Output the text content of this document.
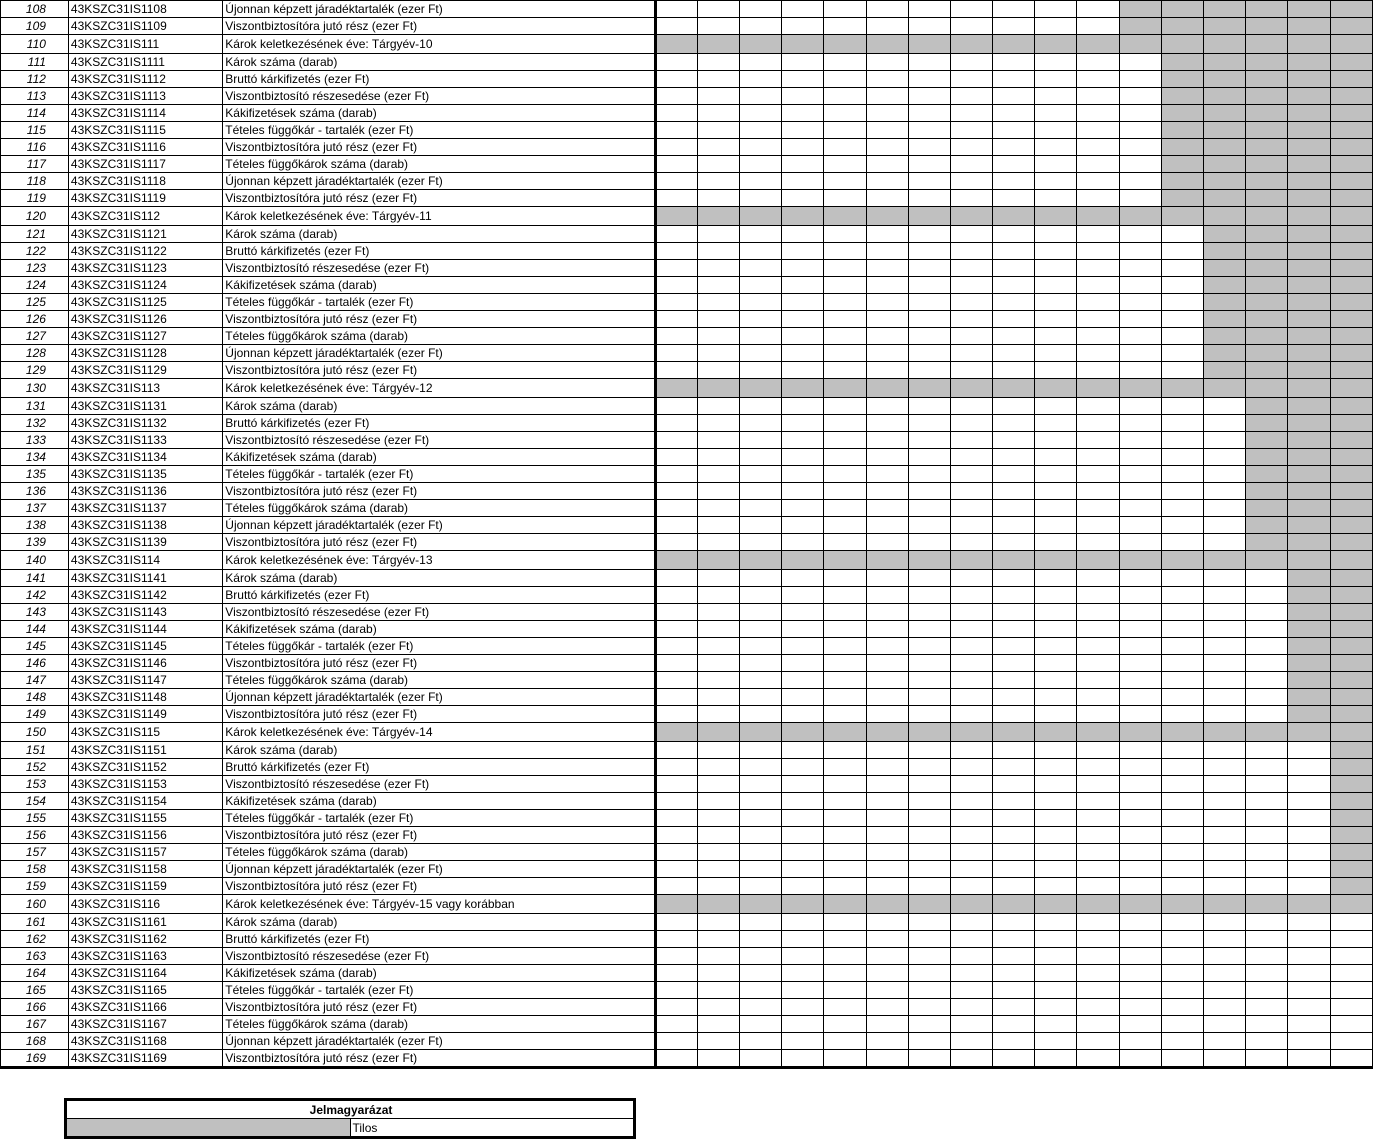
108	43KSZC31IS1108	Újonnan képzett járadéktartalék (ezer Ft)																	
109	43KSZC31IS1109	Viszontbiztosítóra jutó rész (ezer Ft)																	
110	43KSZC31IS111	Károk keletkezésének éve: Tárgyév-10																	
111	43KSZC31IS1111	Károk száma (darab)																	
112	43KSZC31IS1112	Bruttó kárkifizetés (ezer Ft)																	
113	43KSZC31IS1113	Viszontbiztosító részesedése (ezer Ft)																	
114	43KSZC31IS1114	Kákifizetések száma (darab)																	
115	43KSZC31IS1115	Tételes függőkár - tartalék (ezer Ft)																	
116	43KSZC31IS1116	Viszontbiztosítóra jutó rész (ezer Ft)																	
117	43KSZC31IS1117	Tételes függőkárok száma (darab)																	
118	43KSZC31IS1118	Újonnan képzett járadéktartalék (ezer Ft)																	
119	43KSZC31IS1119	Viszontbiztosítóra jutó rész (ezer Ft)																	
120	43KSZC31IS112	Károk keletkezésének éve: Tárgyév-11																	
121	43KSZC31IS1121	Károk száma (darab)																	
122	43KSZC31IS1122	Bruttó kárkifizetés (ezer Ft)																	
123	43KSZC31IS1123	Viszontbiztosító részesedése (ezer Ft)																	
124	43KSZC31IS1124	Kákifizetések száma (darab)																	
125	43KSZC31IS1125	Tételes függőkár - tartalék (ezer Ft)																	
126	43KSZC31IS1126	Viszontbiztosítóra jutó rész (ezer Ft)																	
127	43KSZC31IS1127	Tételes függőkárok száma (darab)																	
128	43KSZC31IS1128	Újonnan képzett járadéktartalék (ezer Ft)																	
129	43KSZC31IS1129	Viszontbiztosítóra jutó rész (ezer Ft)																	
130	43KSZC31IS113	Károk keletkezésének éve: Tárgyév-12																	
131	43KSZC31IS1131	Károk száma (darab)																	
132	43KSZC31IS1132	Bruttó kárkifizetés (ezer Ft)																	
133	43KSZC31IS1133	Viszontbiztosító részesedése (ezer Ft)																	
134	43KSZC31IS1134	Kákifizetések száma (darab)																	
135	43KSZC31IS1135	Tételes függőkár - tartalék (ezer Ft)																	
136	43KSZC31IS1136	Viszontbiztosítóra jutó rész (ezer Ft)																	
137	43KSZC31IS1137	Tételes függőkárok száma (darab)																	
138	43KSZC31IS1138	Újonnan képzett járadéktartalék (ezer Ft)																	
139	43KSZC31IS1139	Viszontbiztosítóra jutó rész (ezer Ft)																	
140	43KSZC31IS114	Károk keletkezésének éve: Tárgyév-13																	
141	43KSZC31IS1141	Károk száma (darab)																	
142	43KSZC31IS1142	Bruttó kárkifizetés (ezer Ft)																	
143	43KSZC31IS1143	Viszontbiztosító részesedése (ezer Ft)																	
144	43KSZC31IS1144	Kákifizetések száma (darab)																	
145	43KSZC31IS1145	Tételes függőkár - tartalék (ezer Ft)																	
146	43KSZC31IS1146	Viszontbiztosítóra jutó rész (ezer Ft)																	
147	43KSZC31IS1147	Tételes függőkárok száma (darab)																	
148	43KSZC31IS1148	Újonnan képzett járadéktartalék (ezer Ft)																	
149	43KSZC31IS1149	Viszontbiztosítóra jutó rész (ezer Ft)																	
150	43KSZC31IS115	Károk keletkezésének éve: Tárgyév-14																	
151	43KSZC31IS1151	Károk száma (darab)																	
152	43KSZC31IS1152	Bruttó kárkifizetés (ezer Ft)																	
153	43KSZC31IS1153	Viszontbiztosító részesedése (ezer Ft)																	
154	43KSZC31IS1154	Kákifizetések száma (darab)																	
155	43KSZC31IS1155	Tételes függőkár - tartalék (ezer Ft)																	
156	43KSZC31IS1156	Viszontbiztosítóra jutó rész (ezer Ft)																	
157	43KSZC31IS1157	Tételes függőkárok száma (darab)																	
158	43KSZC31IS1158	Újonnan képzett járadéktartalék (ezer Ft)																	
159	43KSZC31IS1159	Viszontbiztosítóra jutó rész (ezer Ft)																	
160	43KSZC31IS116	Károk keletkezésének éve: Tárgyév-15 vagy korábban																	
161	43KSZC31IS1161	Károk száma (darab)																	
162	43KSZC31IS1162	Bruttó kárkifizetés (ezer Ft)																	
163	43KSZC31IS1163	Viszontbiztosító részesedése (ezer Ft)																	
164	43KSZC31IS1164	Kákifizetések száma (darab)																	
165	43KSZC31IS1165	Tételes függőkár - tartalék (ezer Ft)																	
166	43KSZC31IS1166	Viszontbiztosítóra jutó rész (ezer Ft)																	
167	43KSZC31IS1167	Tételes függőkárok száma (darab)																	
168	43KSZC31IS1168	Újonnan képzett járadéktartalék (ezer Ft)																	
169	43KSZC31IS1169	Viszontbiztosítóra jutó rész (ezer Ft)																	
Jelmagyarázat
	Tilos
